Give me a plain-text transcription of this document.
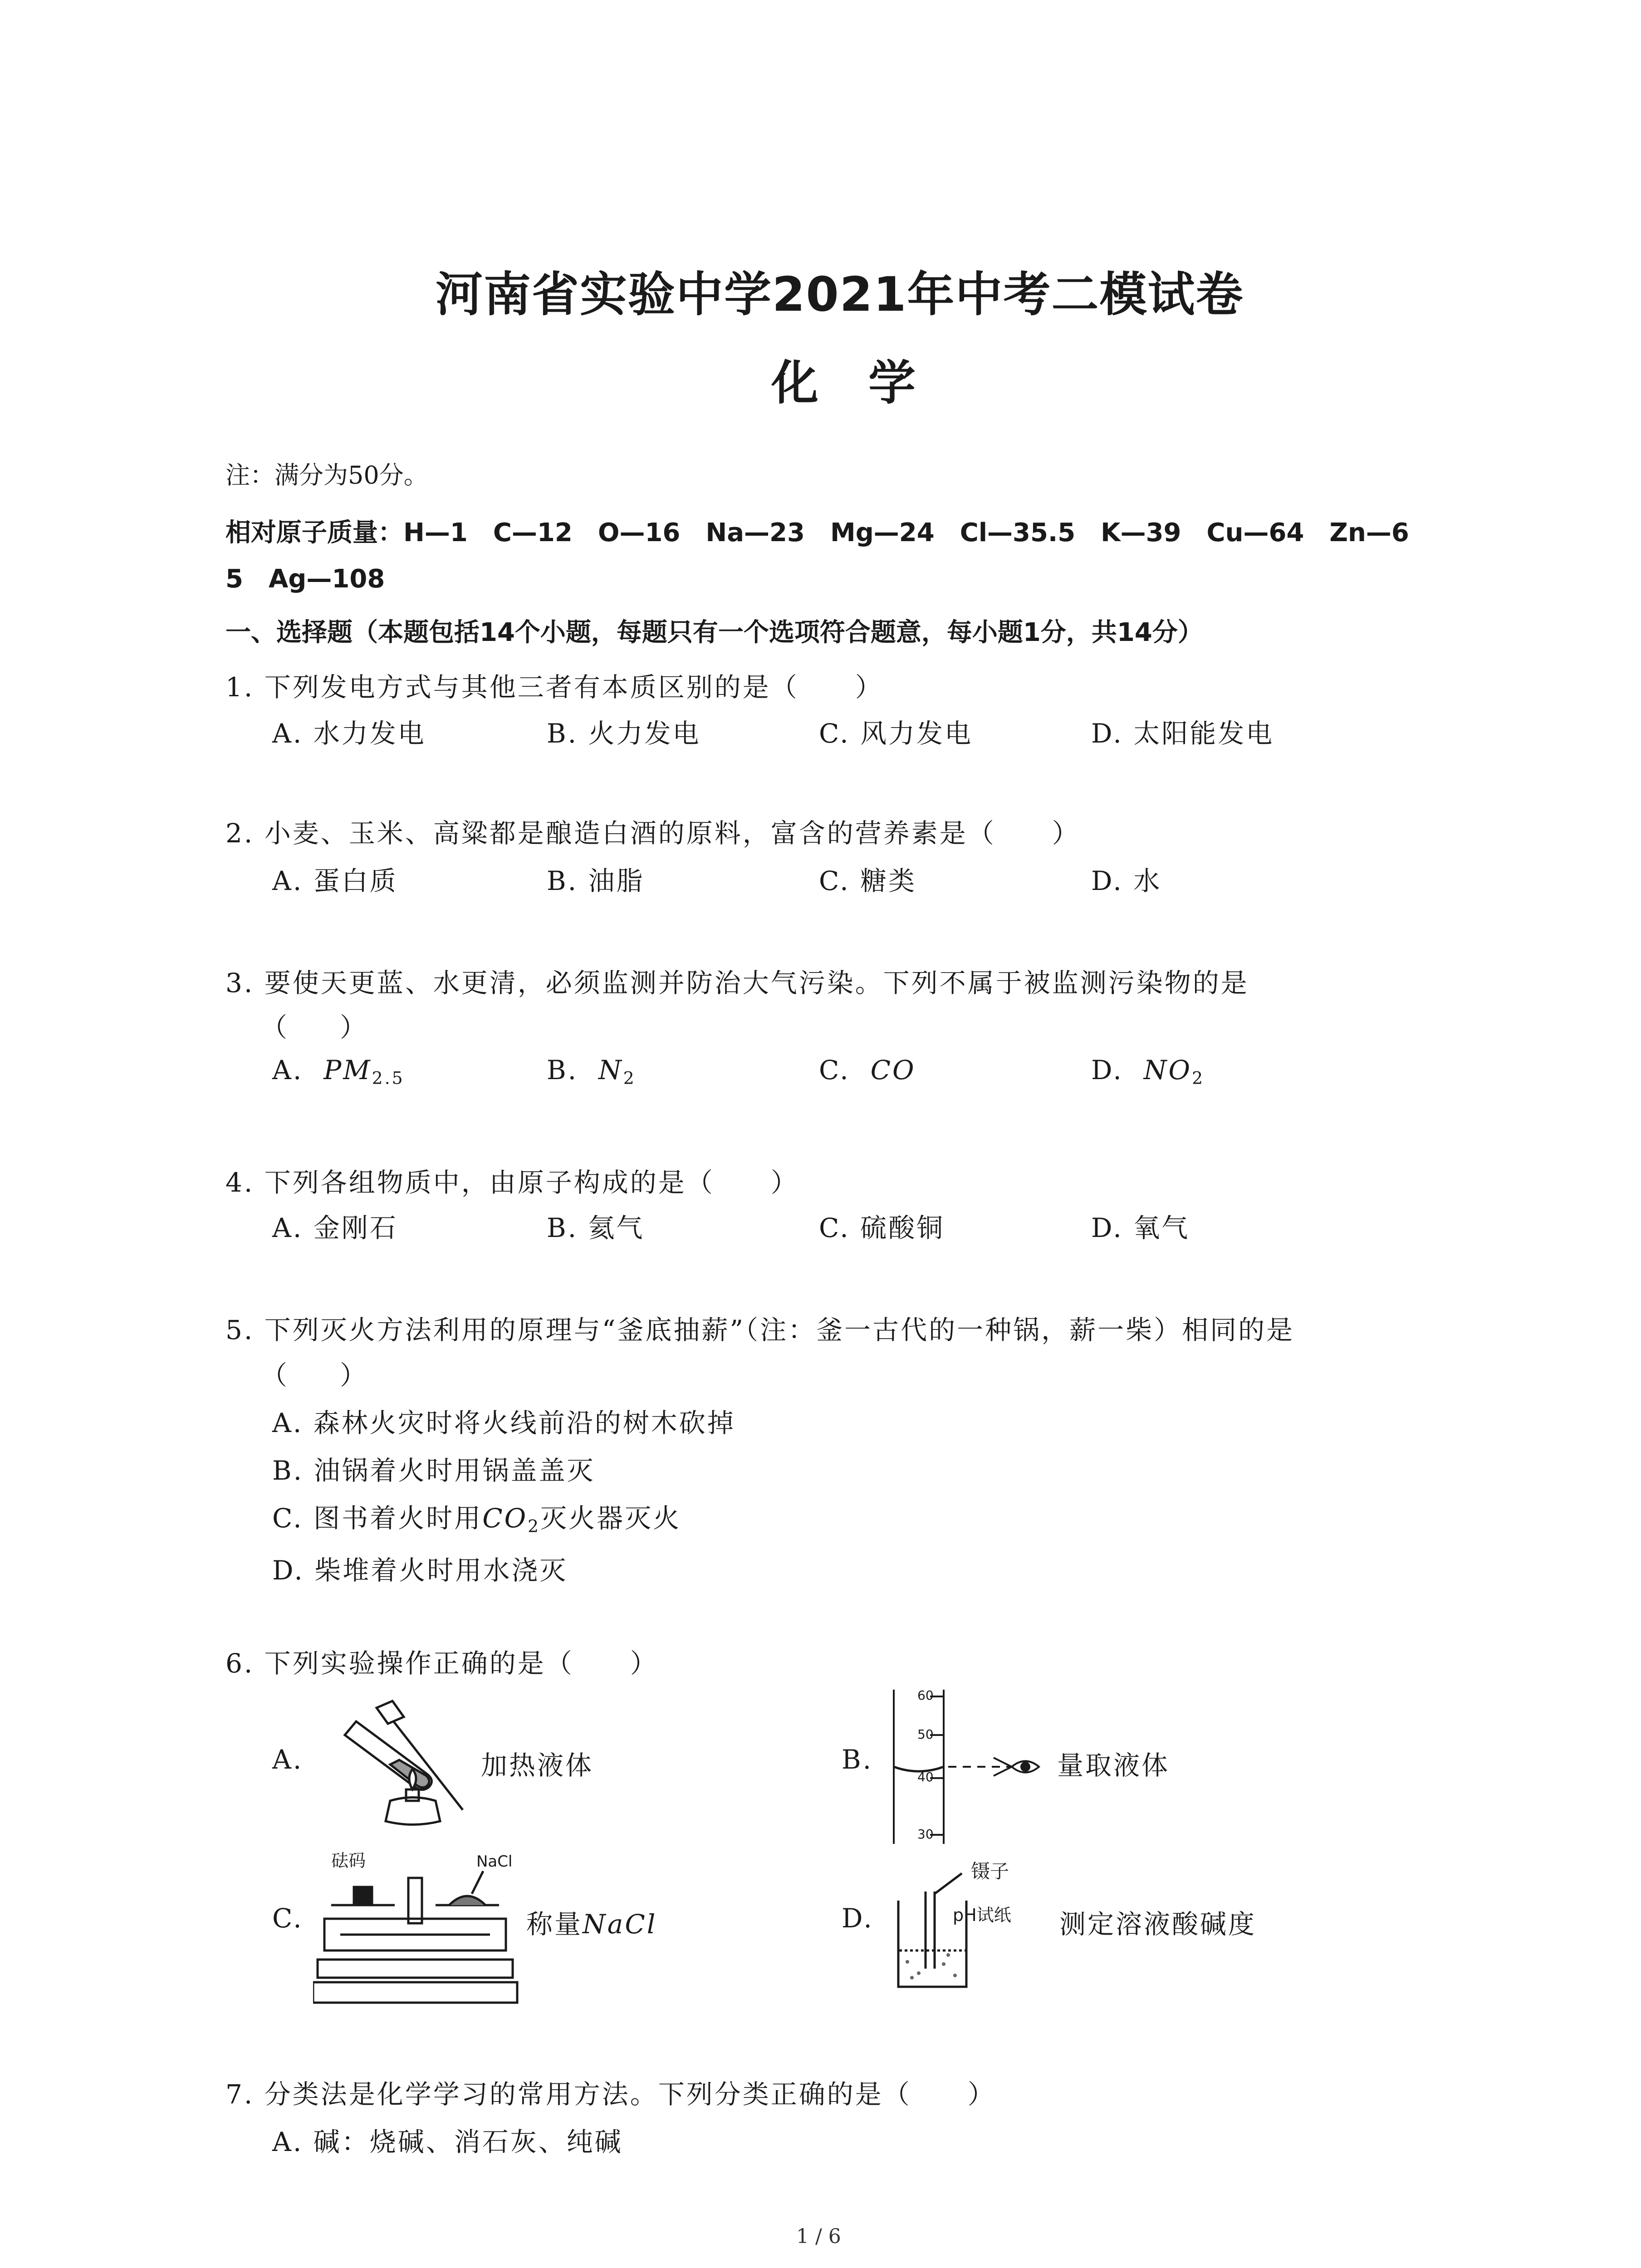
河南省实验中学2021年中考二模试卷
化学
注：满分为50分。
相对原子质量：H—1　C—12　O—16　Na—23　Mg—24　Cl—35.5　K—39　Cu—64　Zn—6
5　Ag—108
一、选择题（本题包括14个小题，每题只有一个选项符合题意，每小题1分，共14分）
1. 下列发电方式与其他三者有本质区别的是（　　）
A. 水力发电	B. 火力发电	C. 风力发电	D. 太阳能发电
2. 小麦、玉米、高粱都是酿造白酒的原料，富含的营养素是（　　）
A. 蛋白质	B. 油脂	C. 糖类	D. 水
3. 要使天更蓝、水更清，必须监测并防治大气污染。下列不属于被监测污染物的是
（　　）
A. $PM_{2.5}$	B. $N_2$	C. CO	D. $NO_2$
4. 下列各组物质中，由原子构成的是（　　）
A. 金刚石	B. 氦气	C. 硫酸铜	D. 氧气
5. 下列灭火方法利用的原理与“釜底抽薪”（注：釜一古代的一种锅，薪一柴）相同的是
（　　）
A. 森林火灾时将火线前沿的树木砍掉
B. 油锅着火时用锅盖盖灭
C. 图书着火时用$CO_2$灭火器灭火
D. 柴堆着火时用水浇灭
6. 下列实验操作正确的是（　　）
A.	加热液体	B.
60
50
40
30
量取液体
C.
砝码	NaCl
称量NaCl	D.
镊子
pH试纸 测定溶液酸碱度
7. 分类法是化学学习的常用方法。下列分类正确的是（　　）
A. 碱：烧碱、消石灰、纯碱
1 / 6
